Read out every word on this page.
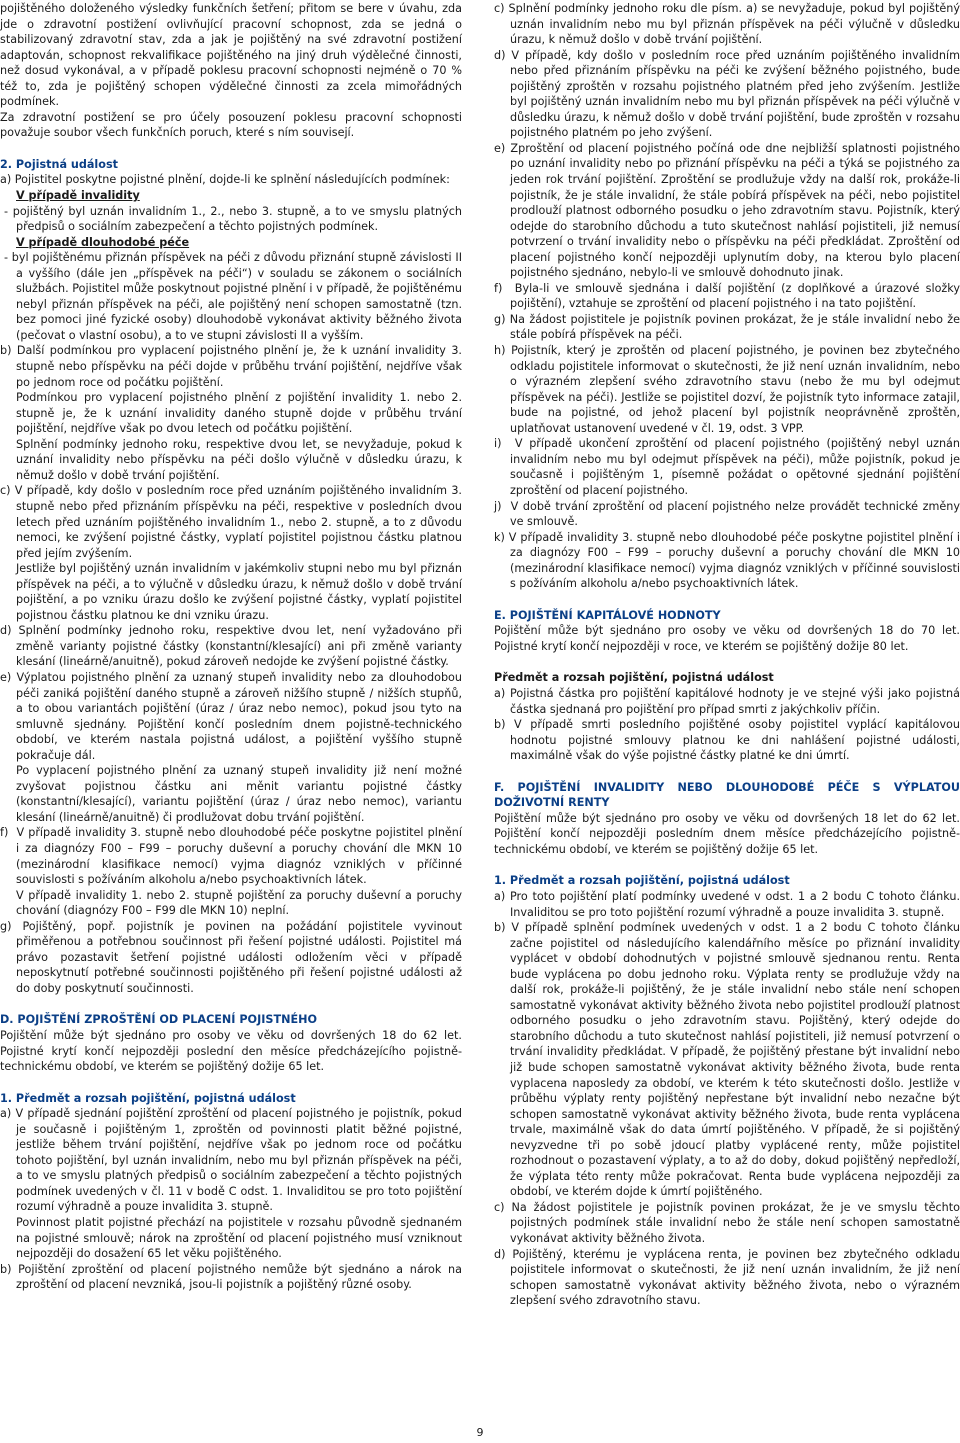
pojištěného doloženého výsledky funkčních šetření; přitom se bere v úvahu, zda jde o zdravotní postižení ovlivňující pracovní schopnost, zda se jedná o stabilizovaný zdravotní stav, zda a jak je pojištěný na své zdravotní postižení adaptován, schopnost rekvalifikace pojištěného na jiný druh výdělečné činnosti, než dosud vykonával, a v případě poklesu pracovní schopnosti nejméně o 70 % též to, zda je pojištěný schopen výdělečné činnosti za zcela mimořádných podmínek.

Za zdravotní postižení se pro účely posouzení poklesu pracovní schopnosti považuje soubor všech funkčních poruch, které s ním souvisejí.

2. Pojistná událost

a) Pojistitel poskytne pojistné plnění, dojde-li ke splnění následujících podmínek:

V případě invalidity

- pojištěný byl uznán invalidním 1., 2., nebo 3. stupně, a to ve smyslu platných předpisů o sociálním zabezpečení a těchto pojistných podmínek.

V případě dlouhodobé péče

- byl pojištěnému přiznán příspěvek na péči z důvodu přiznání stupně závislosti II a vyššího (dále jen „příspěvek na péči“) v souladu se zákonem o sociálních službách. Pojistitel může poskytnout pojistné plnění i v případě, že pojištěnému nebyl přiznán příspěvek na péči, ale pojištěný není schopen samostatně (tzn. bez pomoci jiné fyzické osoby) dlouhodobě vykonávat aktivity běžného života (pečovat o vlastní osobu), a to ve stupni závislosti II a vyšším.

b) Další podmínkou pro vyplacení pojistného plnění je, že k uznání invalidity 3. stupně nebo příspěvku na péči dojde v průběhu trvání pojištění, nejdříve však po jednom roce od počátku pojištění.

Podmínkou pro vyplacení pojistného plnění z pojištění invalidity 1. nebo 2. stupně je, že k uznání invalidity daného stupně dojde v průběhu trvání pojištění, nejdříve však po dvou letech od počátku pojištění.

Splnění podmínky jednoho roku, respektive dvou let, se nevyžaduje, pokud k uznání invalidity nebo příspěvku na péči došlo výlučně v důsledku úrazu, k němuž došlo v době trvání pojištění.

c) V případě, kdy došlo v posledním roce před uznáním pojištěného invalidním 3. stupně nebo před přiznáním příspěvku na péči, respektive v posledních dvou letech před uznáním pojištěného invalidním 1., nebo 2. stupně, a to z důvodu nemoci, ke zvýšení pojistné částky, vyplatí pojistitel pojistnou částku platnou před jejím zvýšením.

Jestliže byl pojištěný uznán invalidním v jakémkoliv stupni nebo mu byl přiznán příspěvek na péči, a to výlučně v důsledku úrazu, k němuž došlo v době trvání pojištění, a po vzniku úrazu došlo ke zvýšení pojistné částky, vyplatí pojistitel pojistnou částku platnou ke dni vzniku úrazu.

d) Splnění podmínky jednoho roku, respektive dvou let, není vyžadováno při změně varianty pojistné částky (konstantní/klesající) ani při změně varianty klesání (lineárně/anuitně), pokud zároveň nedojde ke zvýšení pojistné částky.

e) Výplatou pojistného plnění za uznaný stupeň invalidity nebo za dlouhodobou péči zaniká pojištění daného stupně a zároveň nižšího stupně / nižších stupňů, a to obou variantách pojištění (úraz / úraz nebo nemoc), pokud jsou tyto na smluvně sjednány. Pojištění končí posledním dnem pojistně-technického období, ve kterém nastala pojistná událost, a pojištění vyššího stupně pokračuje dál.

Po vyplacení pojistného plnění za uznaný stupeň invalidity již není možné zvyšovat pojistnou částku ani měnit variantu pojistné částky (konstantní/klesající), variantu pojištění (úraz / úraz nebo nemoc), variantu klesání (lineárně/anuitně) či prodlužovat dobu trvání pojištění.

f)  V případě invalidity 3. stupně nebo dlouhodobé péče poskytne pojistitel plnění i za diagnózy F00 – F99 – poruchy duševní a poruchy chování dle MKN 10 (mezinárodní klasifikace nemocí) vyjma diagnóz vzniklých v příčinné souvislosti s požíváním alkoholu a/nebo psychoaktivních látek.

V případě invalidity 1. nebo 2. stupně pojištění za poruchy duševní a poruchy chování (diagnózy F00 – F99 dle MKN 10) neplní.

g) Pojištěný, popř. pojistník je povinen na požádání pojistitele vyvinout přiměřenou a potřebnou součinnost při řešení pojistné události. Pojistitel má právo pozastavit šetření pojistné události odložením věci v případě neposkytnutí potřebné součinnosti pojištěného při řešení pojistné události až do doby poskytnutí součinnosti.

D. POJIŠTĚNÍ ZPROŠTĚNÍ OD PLACENÍ POJISTNÉHO

Pojištění může být sjednáno pro osoby ve věku od dovršených 18 do 62 let. Pojistné krytí končí nejpozději poslední den měsíce předcházejícího pojistně-technickému období, ve kterém se pojištěný dožije 65 let.

1. Předmět a rozsah pojištění, pojistná událost

a) V případě sjednání pojištění zproštění od placení pojistného je pojistník, pokud je současně i pojištěným 1, zproštěn od povinnosti platit běžné pojistné, jestliže během trvání pojištění, nejdříve však po jednom roce od počátku tohoto pojištění, byl uznán invalidním, nebo mu byl přiznán příspěvek na péči, a to ve smyslu platných předpisů o sociálním zabezpečení a těchto pojistných podmínek uvedených v čl. 11 v bodě C odst. 1. Invaliditou se pro toto pojištění rozumí výhradně a pouze invalidita 3. stupně.

Povinnost platit pojistné přechází na pojistitele v rozsahu původně sjednaném na pojistné smlouvě; nárok na zproštění od placení pojistného musí vzniknout nejpozději do dosažení 65 let věku pojištěného.

b) Pojištění zproštění od placení pojistného nemůže být sjednáno a nárok na zproštění od placení nevzniká, jsou-li pojistník a pojištěný různé osoby.

c) Splnění podmínky jednoho roku dle písm. a) se nevyžaduje, pokud byl pojištěný uznán invalidním nebo mu byl přiznán příspěvek na péči výlučně v důsledku úrazu, k němuž došlo v době trvání pojištění.

d) V případě, kdy došlo v posledním roce před uznáním pojištěného invalidním nebo před přiznáním příspěvku na péči ke zvýšení běžného pojistného, bude pojištěný zproštěn v rozsahu pojistného platném před jeho zvýšením. Jestliže byl pojištěný uznán invalidním nebo mu byl přiznán příspěvek na péči výlučně v důsledku úrazu, k němuž došlo v době trvání pojištění, bude zproštěn v rozsahu pojistného platném po jeho zvýšení.

e) Zproštění od placení pojistného počíná ode dne nejbližší splatnosti pojistného po uznání invalidity nebo po přiznání příspěvku na péči a týká se pojistného za jeden rok trvání pojištění. Zproštění se prodlužuje vždy na další rok, prokáže-li pojistník, že je stále invalidní, že stále pobírá příspěvek na péči, nebo pojistitel prodlouží platnost odborného posudku o jeho zdravotním stavu. Pojistník, který odejde do starobního důchodu a tuto skutečnost nahlásí pojistiteli, již nemusí potvrzení o trvání invalidity nebo o příspěvku na péči předkládat. Zproštění od placení pojistného končí nejpozději uplynutím doby, na kterou bylo placení pojistného sjednáno, nebylo-li ve smlouvě dohodnuto jinak.

f)  Byla-li ve smlouvě sjednána i další pojištění (z doplňkové a úrazové složky pojištění), vztahuje se zproštění od placení pojistného i na tato pojištění.

g) Na žádost pojistitele je pojistník povinen prokázat, že je stále invalidní nebo že stále pobírá příspěvek na péči.

h) Pojistník, který je zproštěn od placení pojistného, je povinen bez zbytečného odkladu pojistitele informovat o skutečnosti, že již není uznán invalidním, nebo o výrazném zlepšení svého zdravotního stavu (nebo že mu byl odejmut příspěvek na péči). Jestliže se pojistitel dozví, že pojistník tyto informace zatajil, bude na pojistné, od jehož placení byl pojistník neoprávněně zproštěn, uplatňovat ustanovení uvedené v čl. 19, odst. 3 VPP.

i)  V případě ukončení zproštění od placení pojistného (pojištěný nebyl uznán invalidním nebo mu byl odejmut příspěvek na péči), může pojistník, pokud je současně i pojištěným 1, písemně požádat o opětovné sjednání pojištění zproštění od placení pojistného.

j)  V době trvání zproštění od placení pojistného nelze provádět technické změny ve smlouvě.

k) V případě invalidity 3. stupně nebo dlouhodobé péče poskytne pojistitel plnění i za diagnózy F00 – F99 – poruchy duševní a poruchy chování dle MKN 10 (mezinárodní klasifikace nemocí) vyjma diagnóz vzniklých v příčinné souvislosti s požíváním alkoholu a/nebo psychoaktivních látek.

E. POJIŠTĚNÍ KAPITÁLOVÉ HODNOTY

Pojištění může být sjednáno pro osoby ve věku od dovršených 18 do 70 let. Pojistné krytí končí nejpozději v roce, ve kterém se pojištěný dožije 80 let.

Předmět a rozsah pojištění, pojistná událost

a) Pojistná částka pro pojištění kapitálové hodnoty je ve stejné výši jako pojistná částka sjednaná pro pojištění pro případ smrti z jakýchkoliv příčin.

b) V případě smrti posledního pojištěné osoby pojistitel vyplácí kapitálovou hodnotu pojistné smlouvy platnou ke dni nahlášení pojistné události, maximálně však do výše pojistné částky platné ke dni úmrtí.

F. POJIŠTĚNÍ INVALIDITY NEBO DLOUHODOBÉ PÉČE S VÝPLATOU DOŽIVOTNÍ RENTY

Pojištění může být sjednáno pro osoby ve věku od dovršených 18 let do 62 let. Pojištění končí nejpozději posledním dnem měsíce předcházejícího pojistně-technickému období, ve kterém se pojištěný dožije 65 let.

1. Předmět a rozsah pojištění, pojistná událost

a) Pro toto pojištění platí podmínky uvedené v odst. 1 a 2 bodu C tohoto článku. Invaliditou se pro toto pojištění rozumí výhradně a pouze invalidita 3. stupně.

b) V případě splnění podmínek uvedených v odst. 1 a 2 bodu C tohoto článku začne pojistitel od následujícího kalendářního měsíce po přiznání invalidity vyplácet v období dohodnutých v pojistné smlouvě sjednanou rentu. Renta bude vyplácena po dobu jednoho roku. Výplata renty se prodlužuje vždy na další rok, prokáže-li pojištěný, že je stále invalidní nebo stále není schopen samostatně vykonávat aktivity běžného života nebo pojistitel prodlouží platnost odborného posudku o jeho zdravotním stavu. Pojištěný, který odejde do starobního důchodu a tuto skutečnost nahlásí pojistiteli, již nemusí potvrzení o trvání invalidity předkládat. V případě, že pojištěný přestane být invalidní nebo již bude schopen samostatně vykonávat aktivity běžného života, bude renta vyplacena naposledy za období, ve kterém k této skutečnosti došlo. Jestliže v průběhu výplaty renty pojištěný nepřestane být invalidní nebo nezačne být schopen samostatně vykonávat aktivity běžného života, bude renta vyplácena trvale, maximálně však do data úmrtí pojištěného. V případě, že si pojištěný nevyzvedne tři po sobě jdoucí platby vyplácené renty, může pojistitel rozhodnout o pozastavení výplaty, a to až do doby, dokud pojištěný nepředloží, že výplata této renty může pokračovat. Renta bude vyplácena nejpozději za období, ve kterém dojde k úmrtí pojištěného.

c) Na žádost pojistitele je pojistník povinen prokázat, že je ve smyslu těchto pojistných podmínek stále invalidní nebo že stále není schopen samostatně vykonávat aktivity běžného života.

d) Pojištěný, kterému je vyplácena renta, je povinen bez zbytečného odkladu pojistitele informovat o skutečnosti, že již není uznán invalidním, že již není schopen samostatně vykonávat aktivity běžného života, nebo o výrazném zlepšení svého zdravotního stavu.

9
